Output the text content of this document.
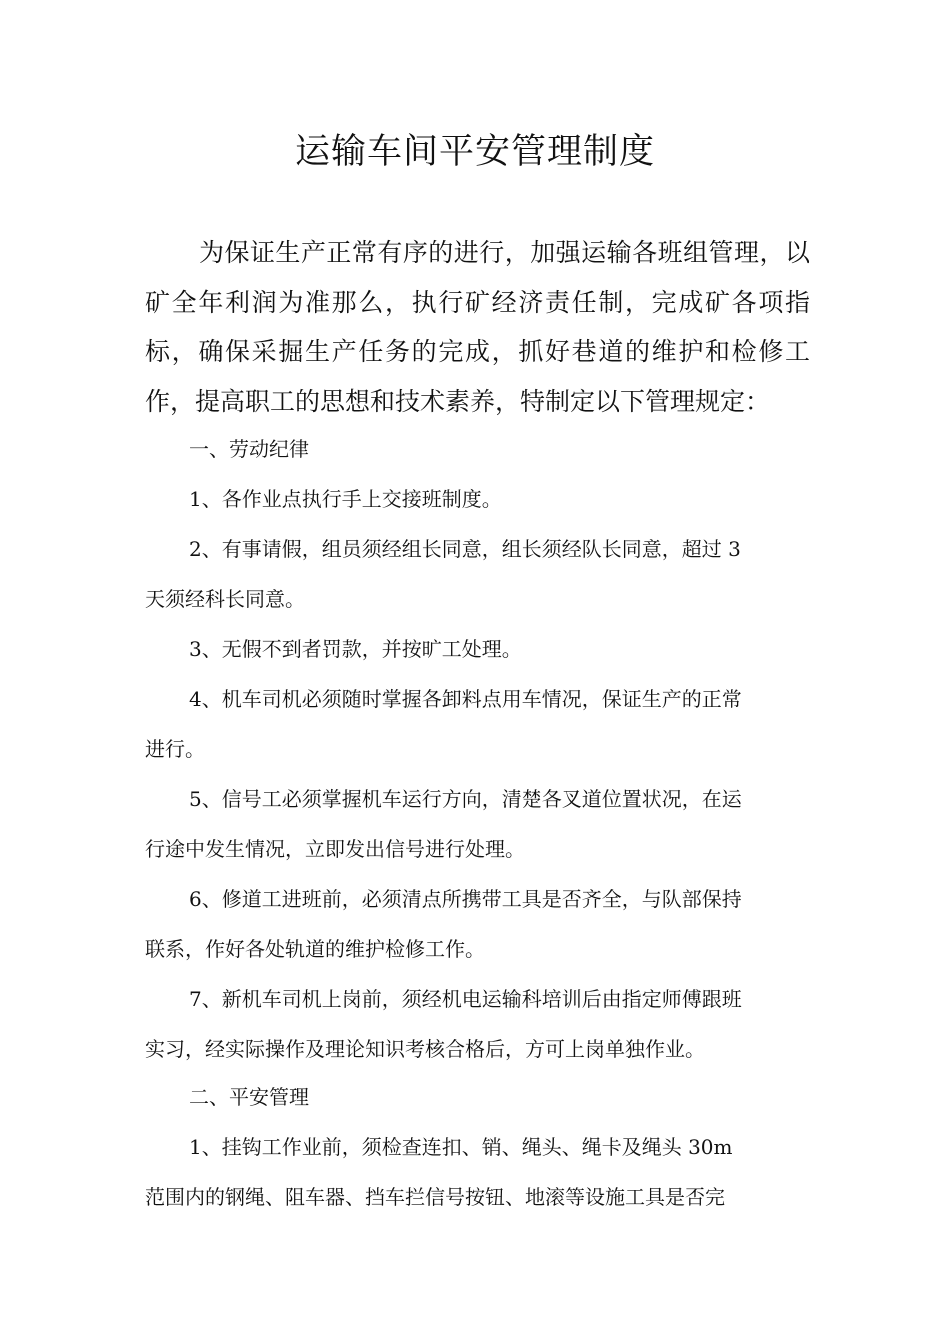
运输车间平安管理制度
为保证生产正常有序的进行，加强运输各班组管理，以矿全年利润为准那么，执行矿经济责任制，完成矿各项指标，确保采掘生产任务的完成，抓好巷道的维护和检修工作，提高职工的思想和技术素养，特制定以下管理规定：
一、劳动纪律
1、各作业点执行手上交接班制度。
2、有事请假，组员须经组长同意，组长须经队长同意，超过 3
天须经科长同意。
3、无假不到者罚款，并按旷工处理。
4、机车司机必须随时掌握各卸料点用车情况，保证生产的正常
进行。
5、信号工必须掌握机车运行方向，清楚各叉道位置状况，在运
行途中发生情况，立即发出信号进行处理。
6、修道工进班前，必须清点所携带工具是否齐全，与队部保持
联系，作好各处轨道的维护检修工作。
7、新机车司机上岗前，须经机电运输科培训后由指定师傅跟班
实习，经实际操作及理论知识考核合格后，方可上岗单独作业。
二、平安管理
1、挂钩工作业前，须检查连扣、销、绳头、绳卡及绳头 30m
范围内的钢绳、阻车器、挡车拦信号按钮、地滚等设施工具是否完
